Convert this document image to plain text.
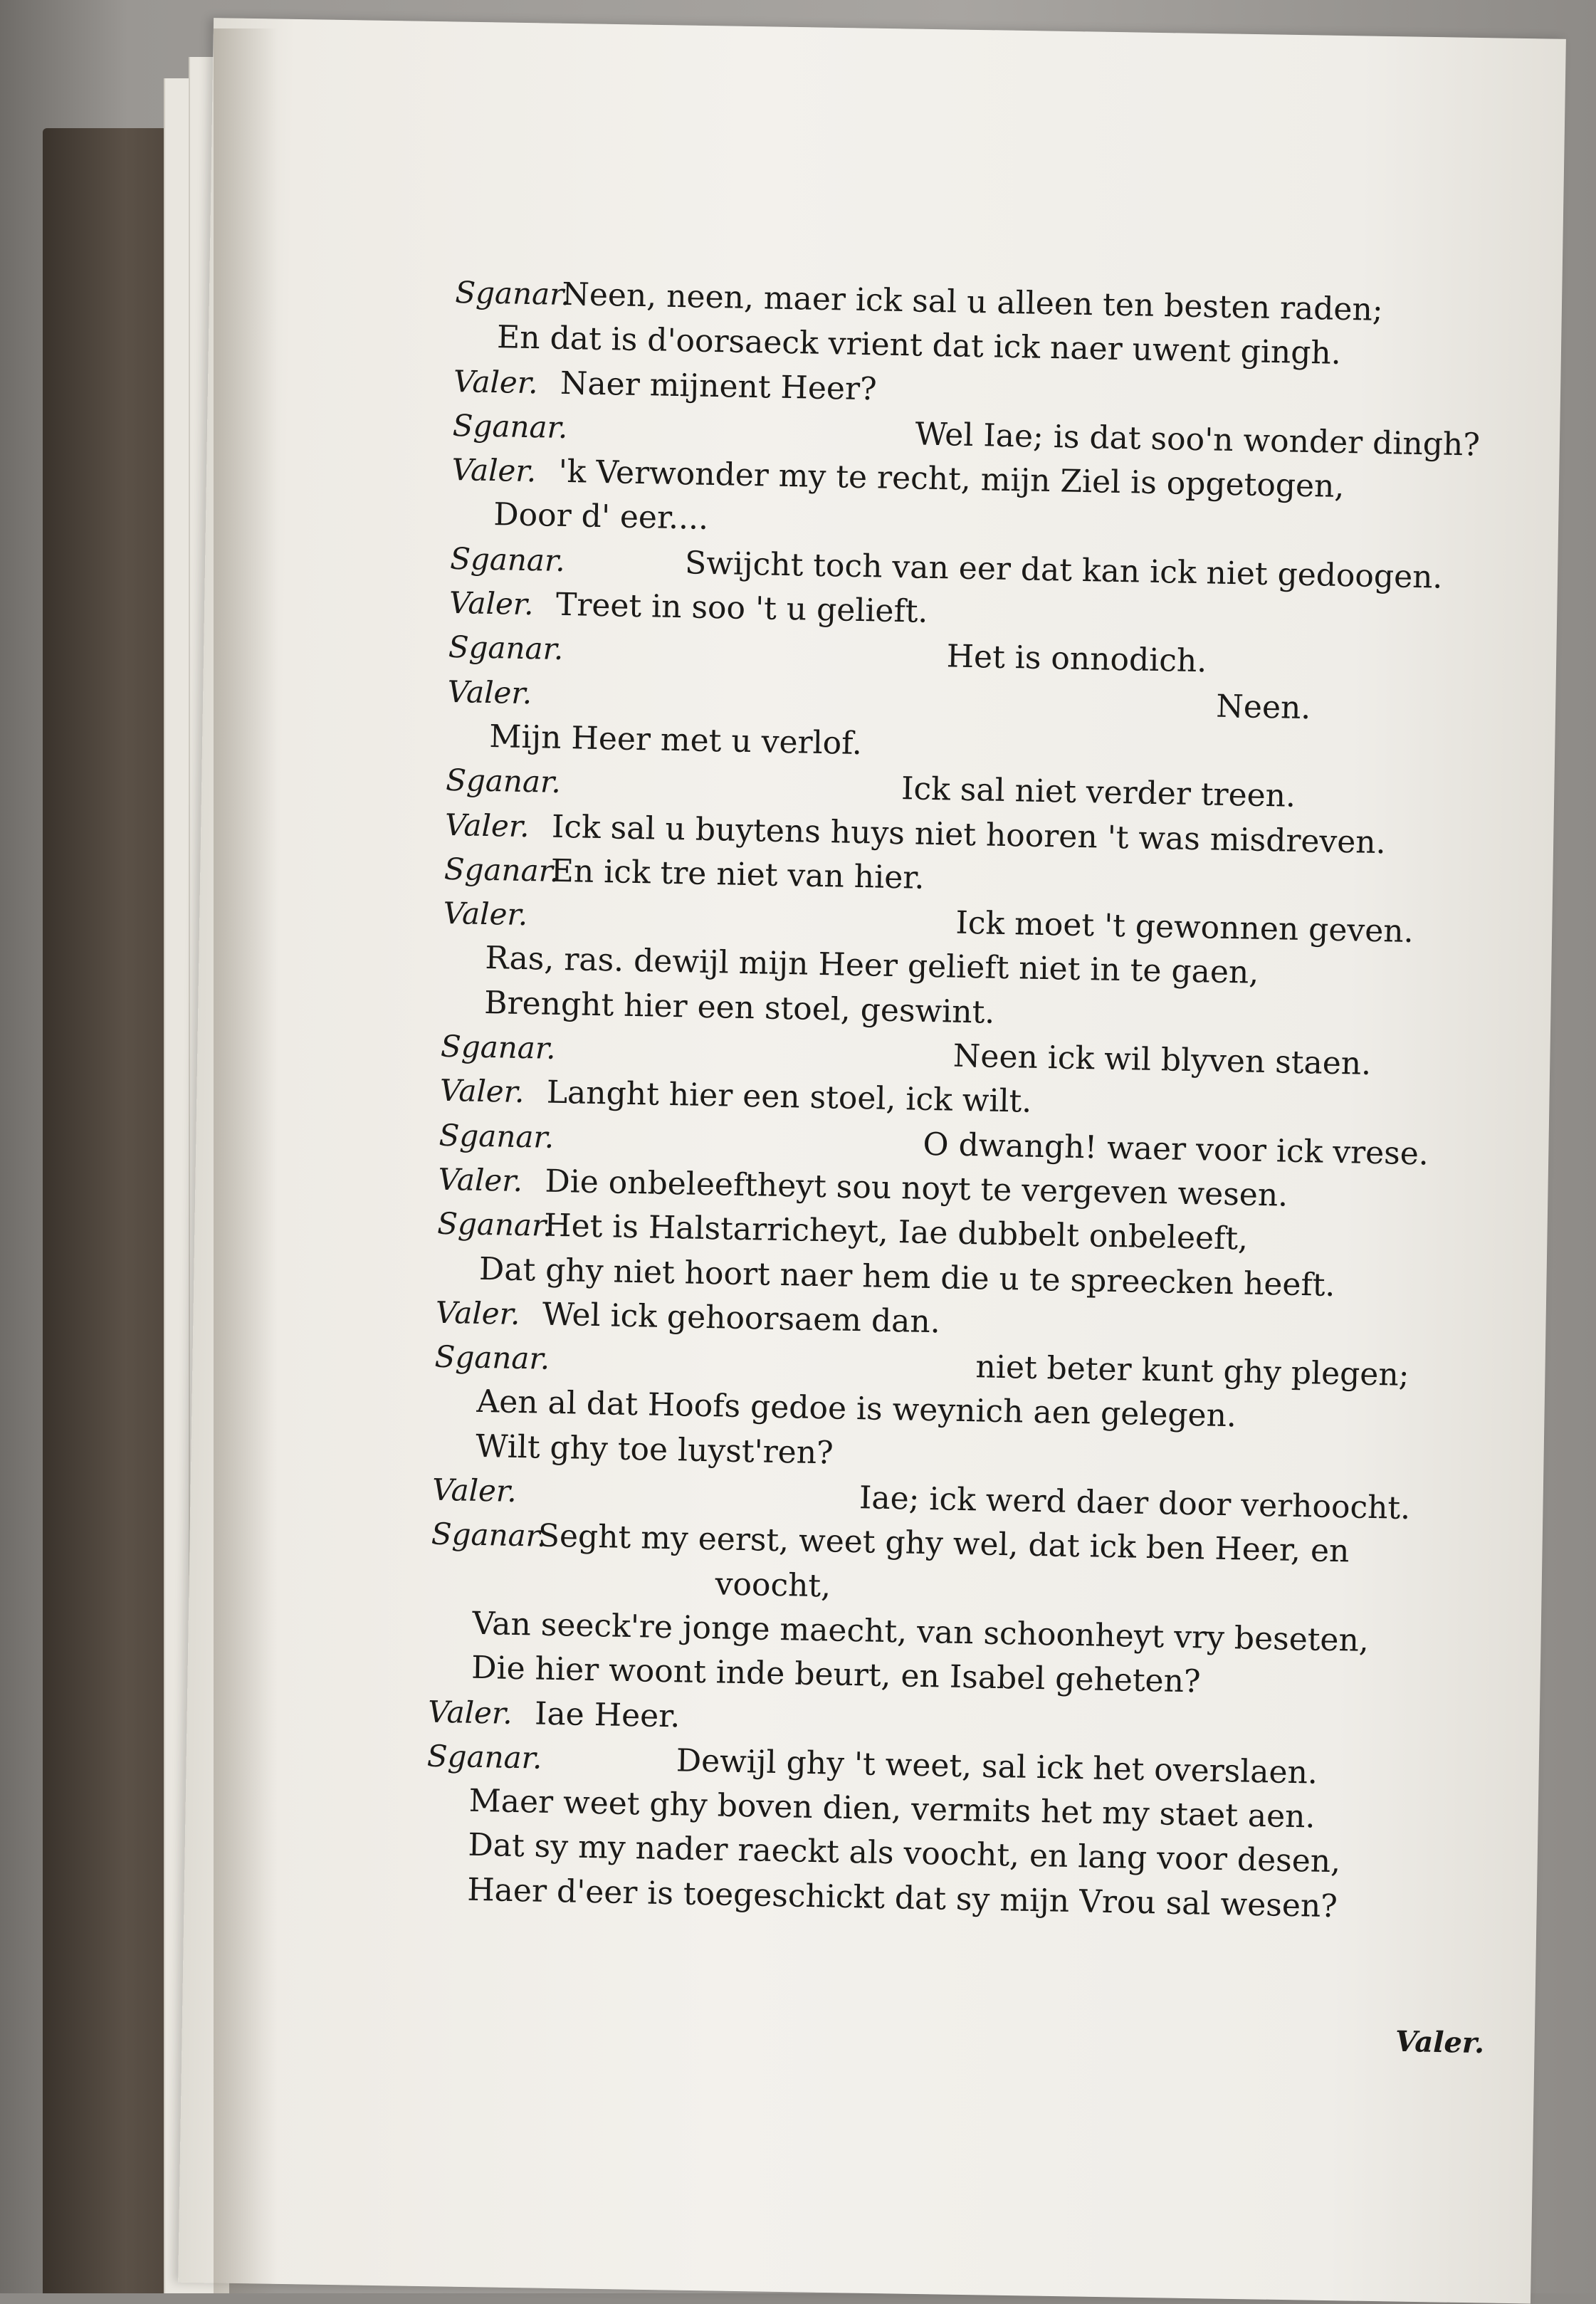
Sganar.
Neen, neen, maer ick sal u alleen ten besten raden;
En dat is d'oorsaeck vrient dat ick naer uwent gingh.
Valer. Naer mijnent Heer?
Sganar.	Wel Iae; is dat soo'n wonder dingh?
Valer. 'k Verwonder my te recht, mijn Ziel is opgetogen,
Door d' eer....
Sganar.	Swijcht toch van eer dat kan ick niet gedoogen.
Valer. Treet in soo 't u gelieft.
Sganar.	Het is onnodich.
Valer.	Neen.
Mijn Heer met u verlof.
Sganar.	Ick sal niet verder treen.
Valer. Ick sal u buytens huys niet hooren 't was misdreven.
Sganar.
En ick tre niet van hier.
Valer.	Ick moet 't gewonnen geven.
Ras, ras. dewijl mijn Heer gelieft niet in te gaen,
Brenght hier een stoel, geswint.
Sganar.	Neen ick wil blyven staen.
Valer. Langht hier een stoel, ick wilt.
Sganar.	O dwangh! waer voor ick vrese.
Valer. Die onbeleeftheyt sou noyt te vergeven wesen.
Sganar.
Het is Halstarricheyt, Iae dubbelt onbeleeft,
Dat ghy niet hoort naer hem die u te spreecken heeft.
Valer. Wel ick gehoorsaem dan.
Sganar.	niet beter kunt ghy plegen;
Aen al dat Hoofs gedoe is weynich aen gelegen.
Wilt ghy toe luyst'ren?
Valer.	Iae; ick werd daer door verhoocht.
Sganar.
Seght my eerst, weet ghy wel, dat ick ben Heer, en
voocht,
Van seeck're jonge maecht, van schoonheyt vry beseten,
Die hier woont inde beurt, en Isabel geheten?
Valer. Iae Heer.
Sganar.	Dewijl ghy 't weet, sal ick het overslaen.
Maer weet ghy boven dien, vermits het my staet aen.
Dat sy my nader raeckt als voocht, en lang voor desen,
Haer d'eer is toegeschickt dat sy mijn Vrou sal wesen?
Valer.
